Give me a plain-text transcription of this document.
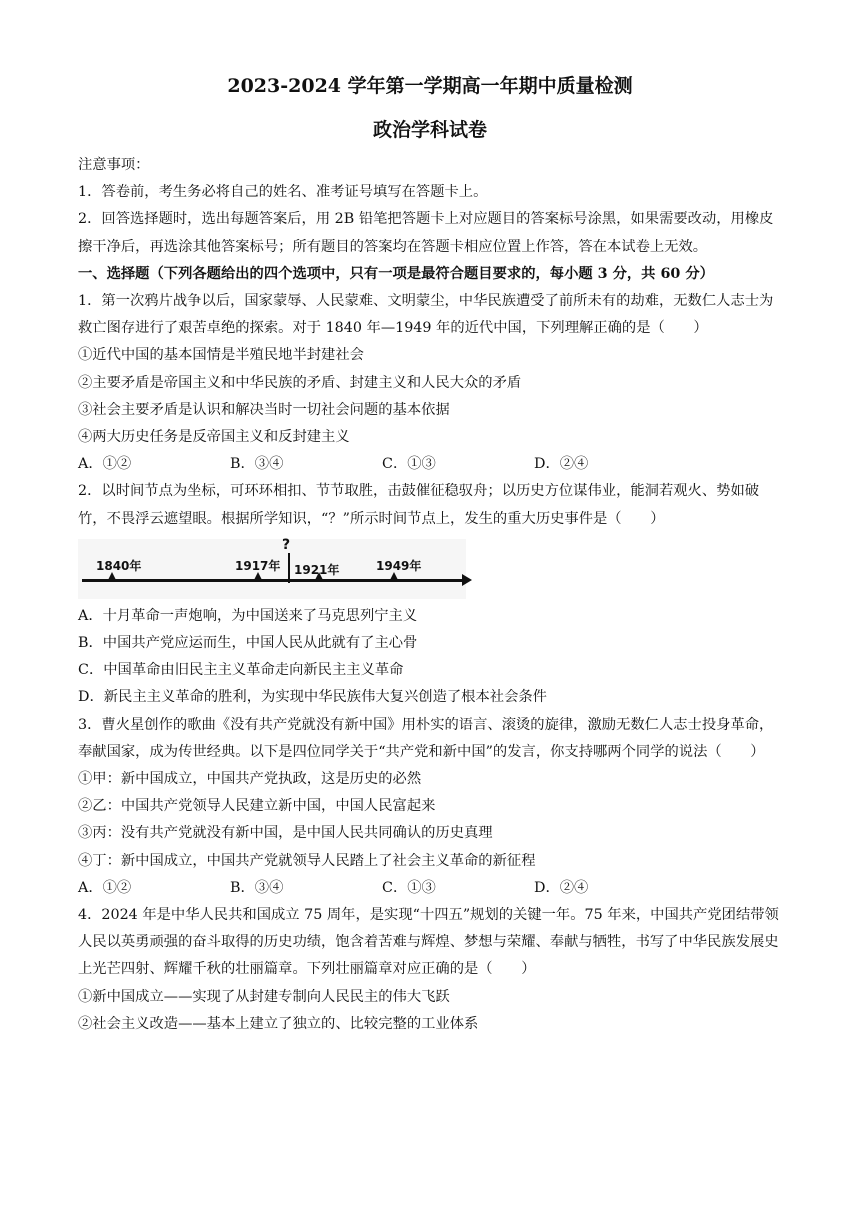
2023-2024 学年第一学期高一年期中质量检测

政治学科试卷

注意事项：

1．答卷前，考生务必将自己的姓名、准考证号填写在答题卡上。

2．回答选择题时，选出每题答案后，用 2B 铅笔把答题卡上对应题目的答案标号涂黑，如果需要改动，用橡皮擦干净后，再选涂其他答案标号；所有题目的答案均在答题卡相应位置上作答，答在本试卷上无效。

一、选择题（下列各题给出的四个选项中，只有一项是最符合题目要求的，每小题 3 分，共 60 分）

1．第一次鸦片战争以后，国家蒙辱、人民蒙难、文明蒙尘，中华民族遭受了前所未有的劫难，无数仁人志士为救亡图存进行了艰苦卓绝的探索。对于 1840 年—1949 年的近代中国，下列理解正确的是（　　）

①近代中国的基本国情是半殖民地半封建社会

②主要矛盾是帝国主义和中华民族的矛盾、封建主义和人民大众的矛盾

③社会主要矛盾是认识和解决当时一切社会问题的基本依据

④两大历史任务是反帝国主义和反封建主义

A．①②	B．③④	C．①③	D．②④

2．以时间节点为坐标，可环环相扣、节节取胜，击鼓催征稳驭舟；以历史方位谋伟业，能洞若观火、势如破竹，不畏浮云遮望眼。根据所学知识，“？”所示时间节点上，发生的重大历史事件是（　　）

1840年	1917年
?
1921年	1949年

A．十月革命一声炮响，为中国送来了马克思列宁主义

B．中国共产党应运而生，中国人民从此就有了主心骨

C．中国革命由旧民主主义革命走向新民主主义革命

D．新民主主义革命的胜利，为实现中华民族伟大复兴创造了根本社会条件

3．曹火星创作的歌曲《没有共产党就没有新中国》用朴实的语言、滚烫的旋律，激励无数仁人志士投身革命，奉献国家，成为传世经典。以下是四位同学关于“共产党和新中国”的发言，你支持哪两个同学的说法（　　）

①甲：新中国成立，中国共产党执政，这是历史的必然

②乙：中国共产党领导人民建立新中国，中国人民富起来

③丙：没有共产党就没有新中国，是中国人民共同确认的历史真理

④丁：新中国成立，中国共产党就领导人民踏上了社会主义革命的新征程

A．①②	B．③④	C．①③	D．②④

4．2024 年是中华人民共和国成立 75 周年，是实现“十四五”规划的关键一年。75 年来，中国共产党团结带领人民以英勇顽强的奋斗取得的历史功绩，饱含着苦难与辉煌、梦想与荣耀、奉献与牺牲，书写了中华民族发展史上光芒四射、辉耀千秋的壮丽篇章。下列壮丽篇章对应正确的是（　　）

①新中国成立——实现了从封建专制向人民民主的伟大飞跃

②社会主义改造——基本上建立了独立的、比较完整的工业体系
